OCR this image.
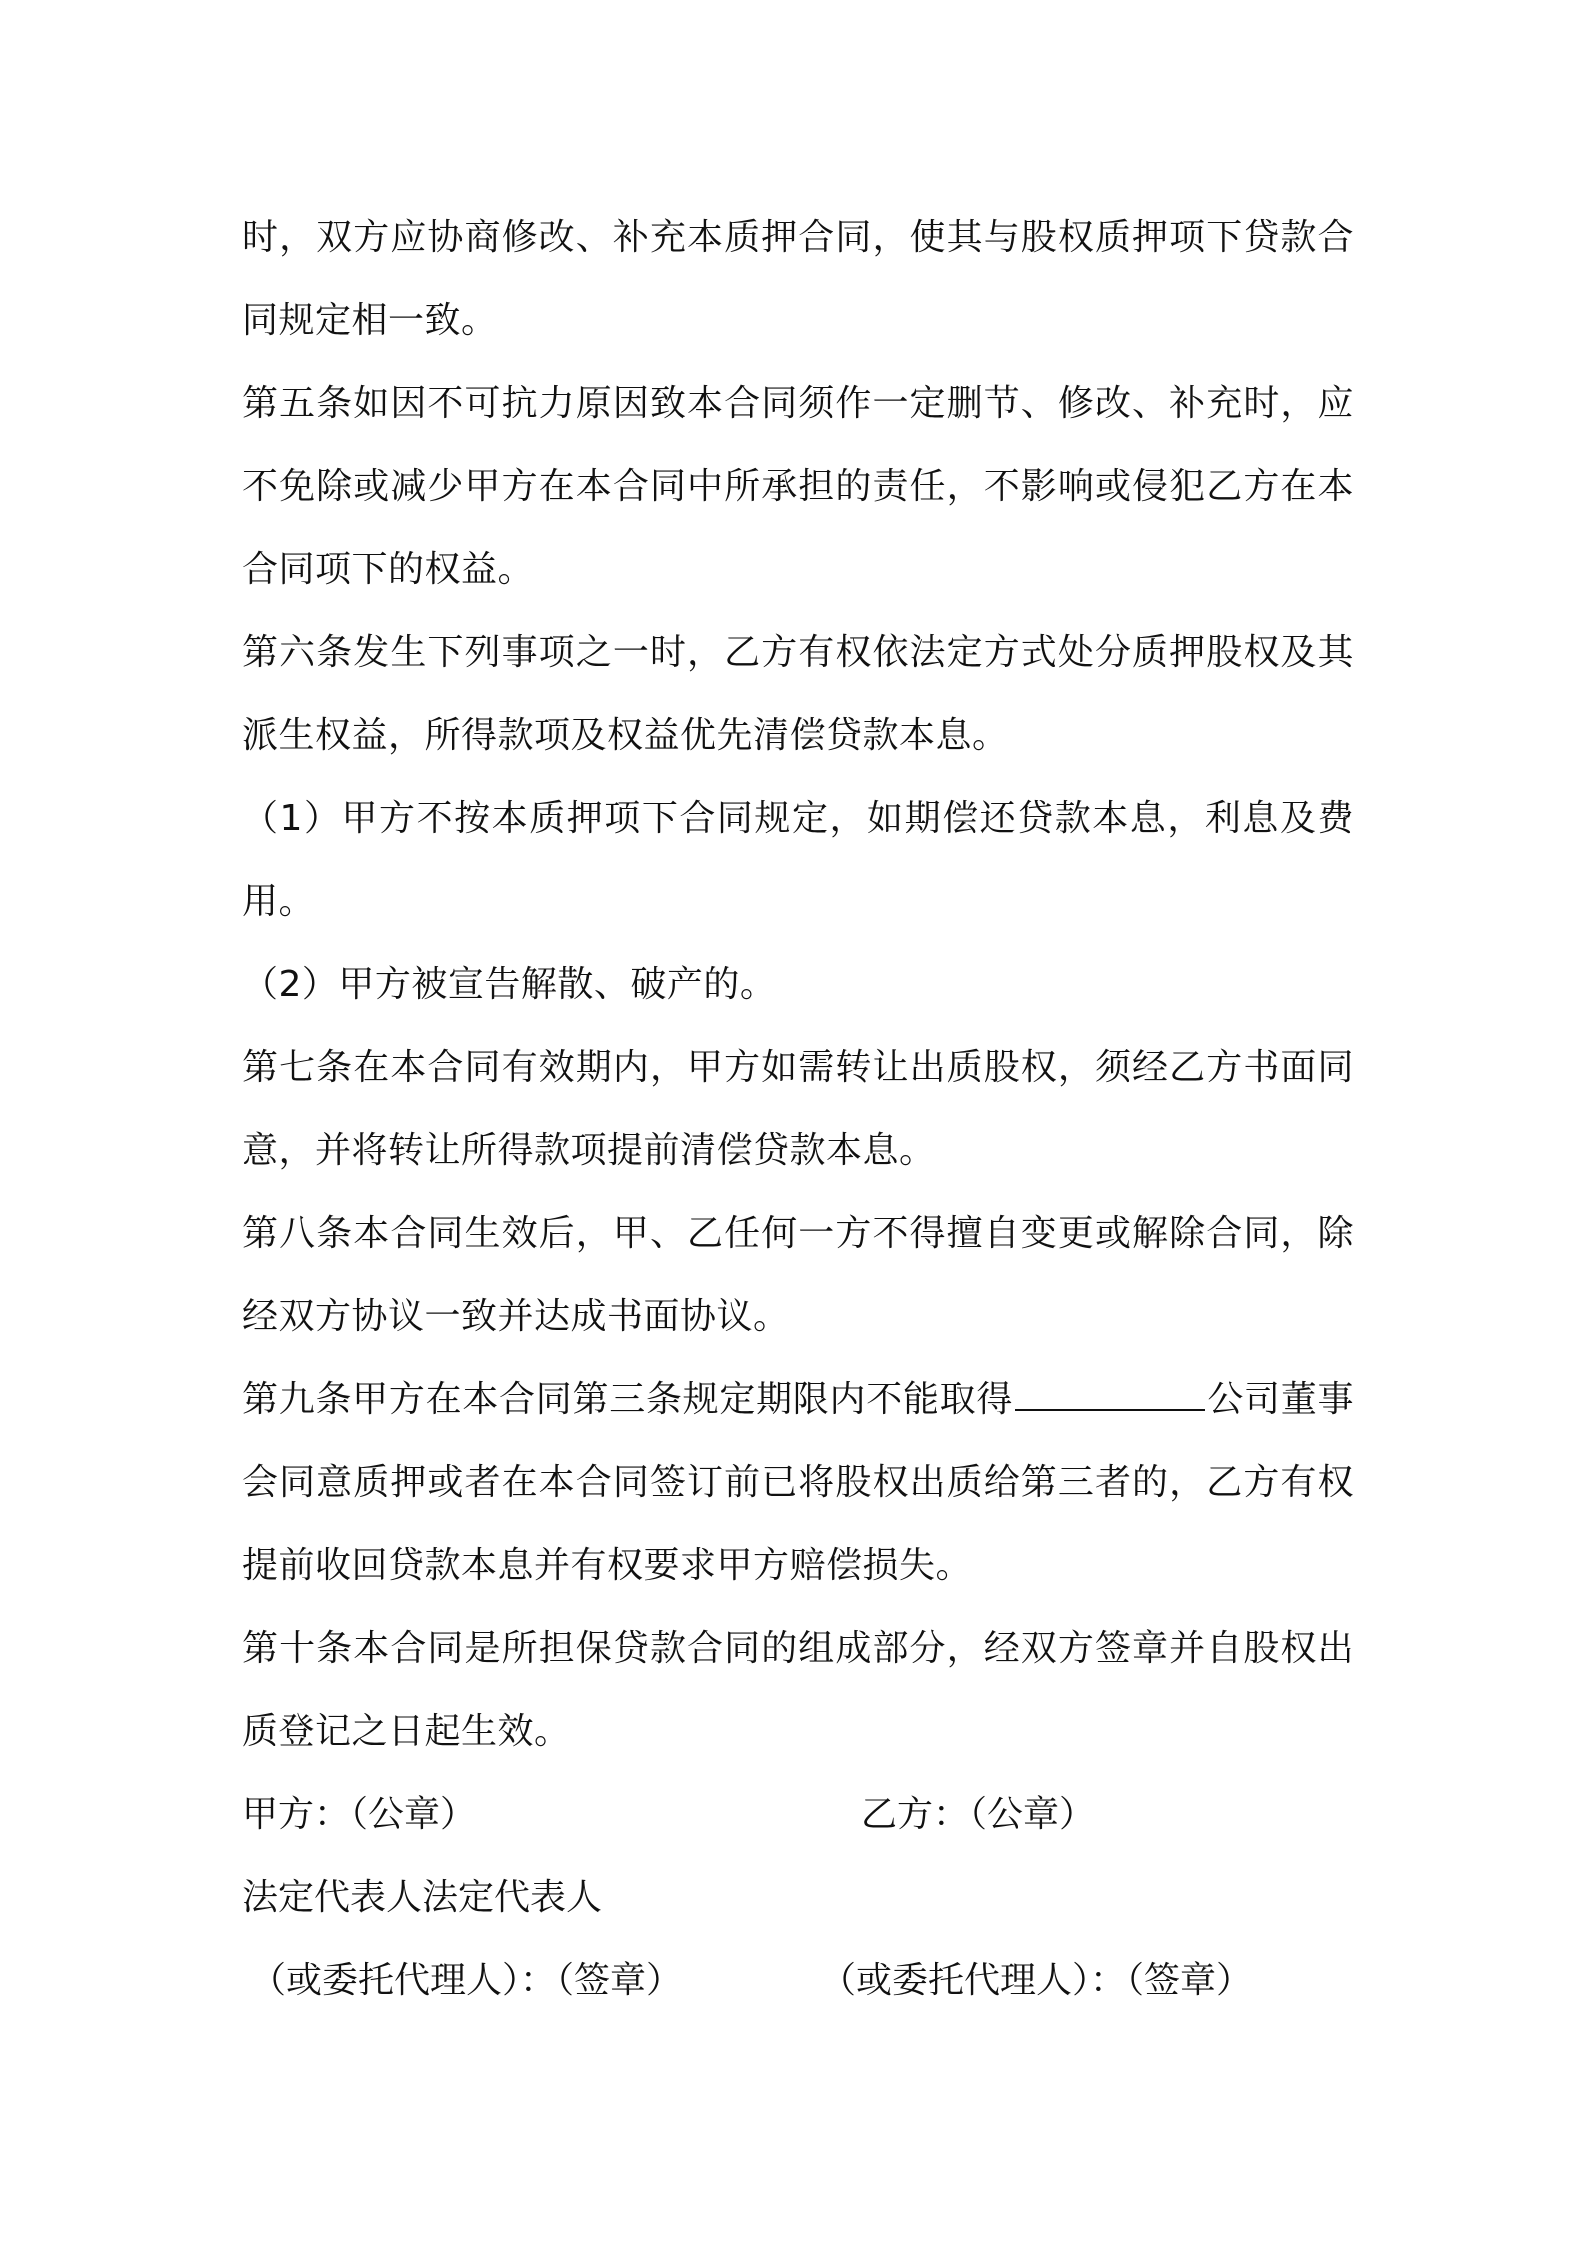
时，双方应协商修改、补充本质押合同，使其与股权质押项下贷款合同规定相一致。

第五条如因不可抗力原因致本合同须作一定删节、修改、补充时，应不免除或减少甲方在本合同中所承担的责任，不影响或侵犯乙方在本合同项下的权益。

第六条发生下列事项之一时，乙方有权依法定方式处分质押股权及其派生权益，所得款项及权益优先清偿贷款本息。

（1）甲方不按本质押项下合同规定，如期偿还贷款本息，利息及费用。

（2）甲方被宣告解散、破产的。

第七条在本合同有效期内，甲方如需转让出质股权，须经乙方书面同意，并将转让所得款项提前清偿贷款本息。

第八条本合同生效后，甲、乙任何一方不得擅自变更或解除合同，除经双方协议一致并达成书面协议。

第九条甲方在本合同第三条规定期限内不能取得	公司董事会同意质押或者在本合同签订前已将股权出质给第三者的，乙方有权提前收回贷款本息并有权要求甲方赔偿损失。

第十条本合同是所担保贷款合同的组成部分，经双方签章并自股权出质登记之日起生效。

甲方：（公章）	乙方：（公章）
法定代表人法定代表人
（或委托代理人）：（签章）	（或委托代理人）：（签章）
